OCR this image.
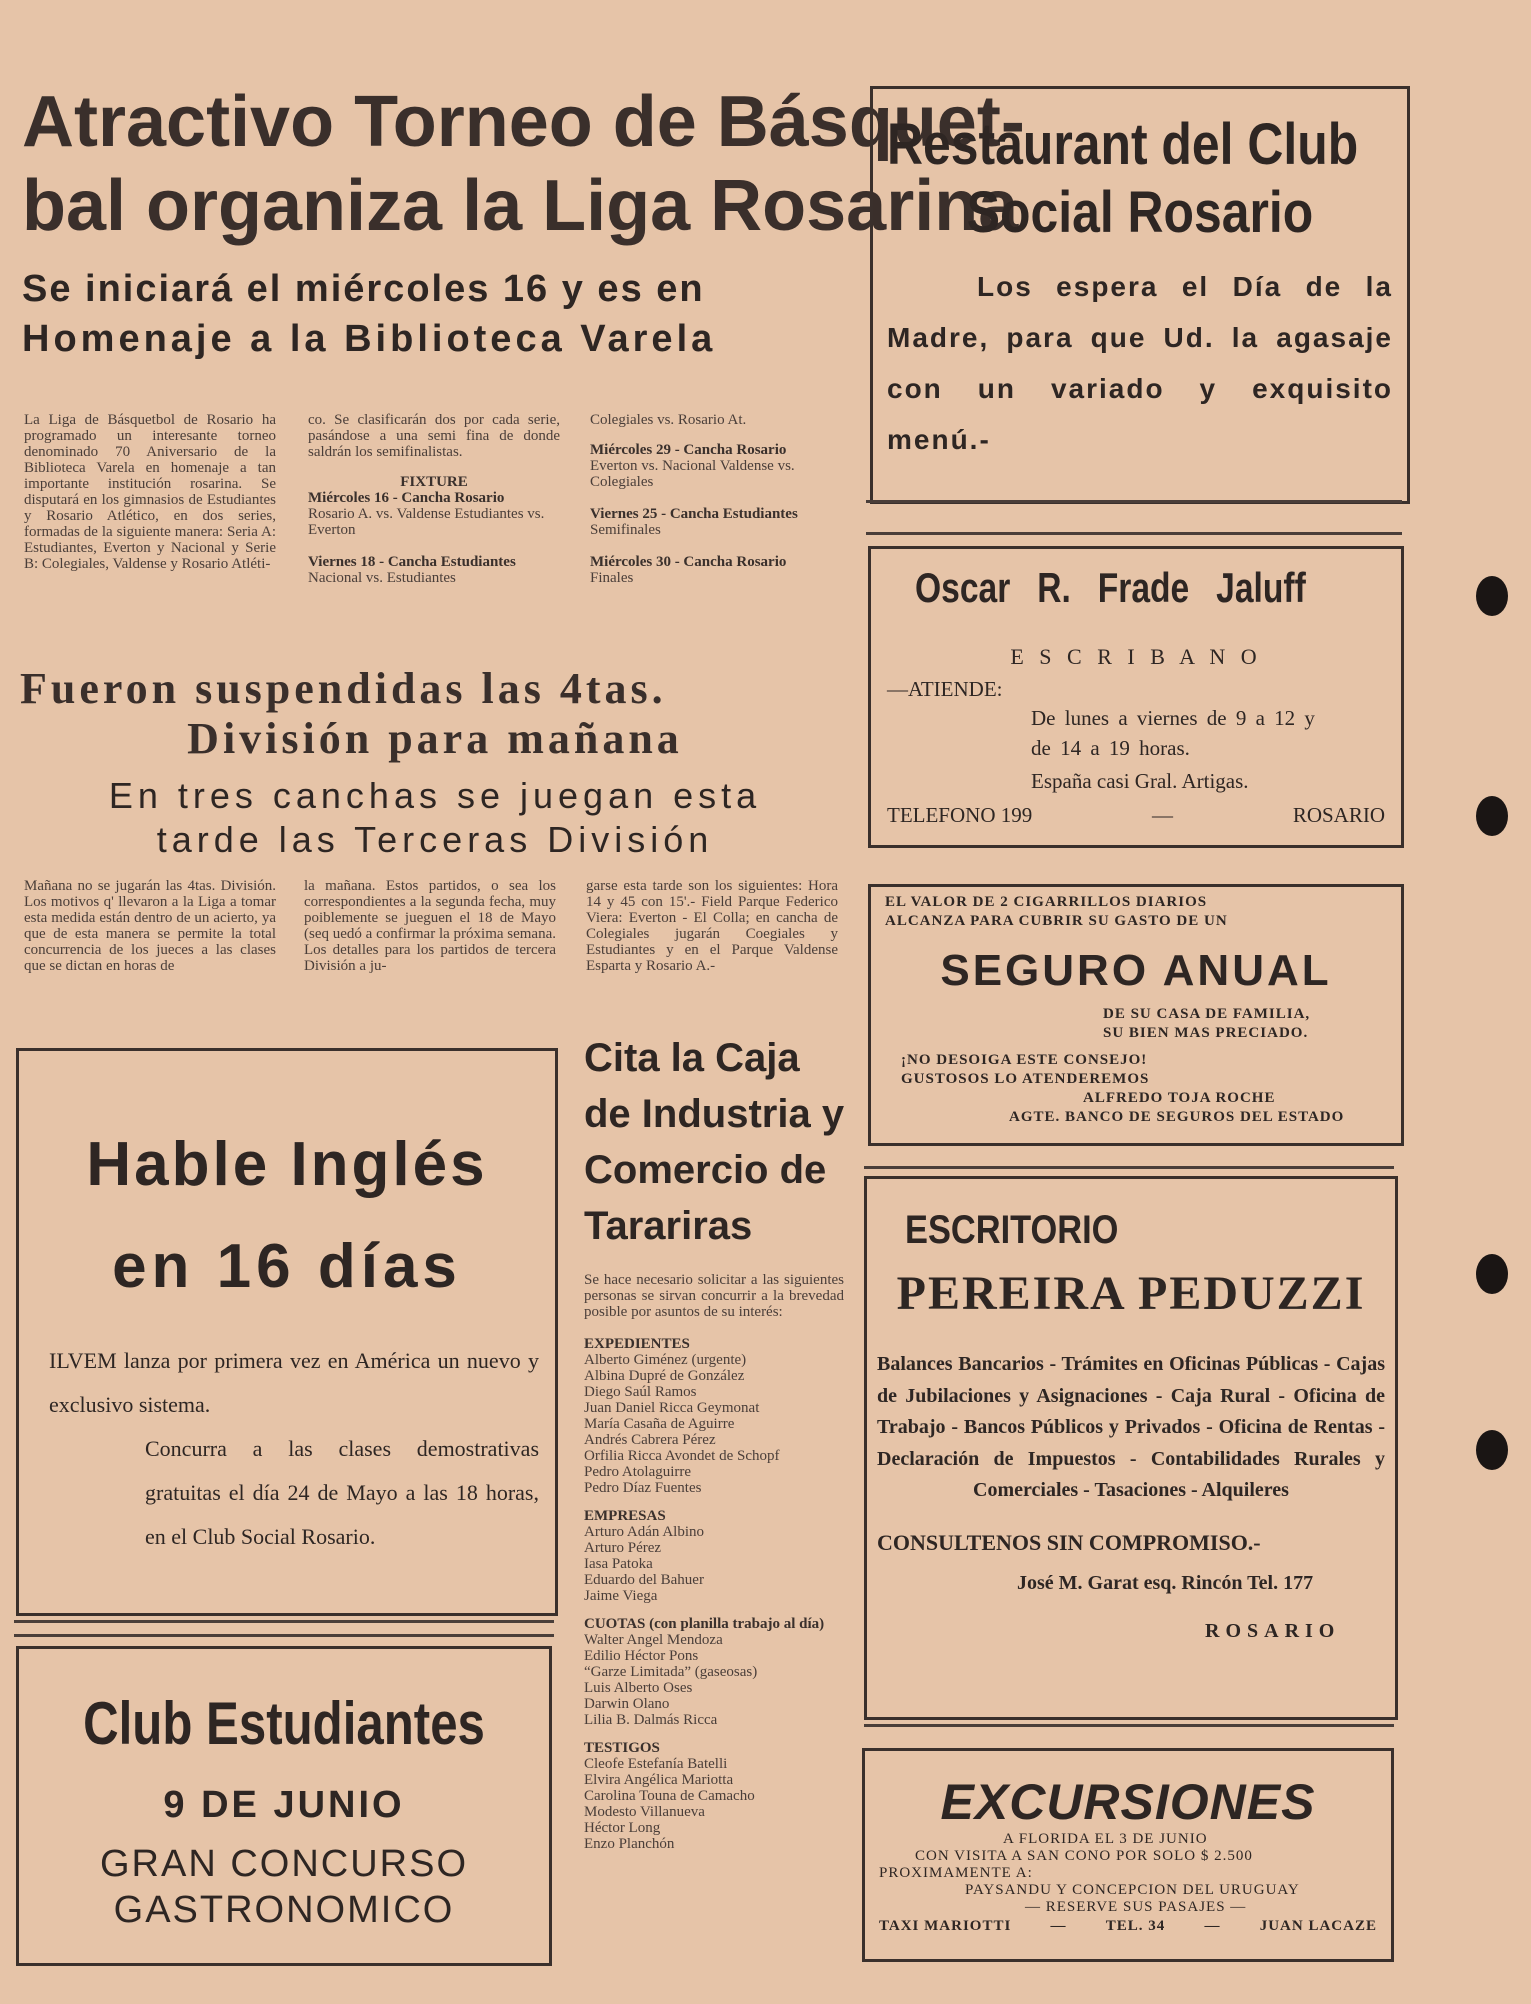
Atractivo Torneo de Básquet-
bal organiza la Liga Rosarina
Se iniciará el miércoles 16 y es en
Homenaje a la Biblioteca Varela
La Liga de Básquetbol de Rosario ha programado un interesante torneo denominado 70 Aniversario de la Biblioteca Varela en homenaje a tan importante institución rosarina. Se disputará en los gimnasios de Estudiantes y Rosario Atlético, en dos series, formadas de la siguiente manera: Seria A: Estudiantes, Everton y Nacional y Serie B: Colegiales, Valdense y Rosario Atléti-
co. Se clasificarán dos por cada serie, pasándose a una semi fina de donde saldrán los semifinalistas.
FIXTURE
Miércoles 16 - Cancha Rosario
Rosario A. vs. Valdense Estudiantes vs. Everton
Viernes 18 - Cancha Estudiantes
Nacional vs. Estudiantes
Colegiales vs. Rosario At.
Miércoles 29 - Cancha Rosario
Everton vs. Nacional Valdense vs. Colegiales
Viernes 25 - Cancha Estudiantes
Semifinales
Miércoles 30 - Cancha Rosario
Finales
Fueron suspendidas las 4tas.
División para mañana
En tres canchas se juegan esta
tarde las Terceras División
Mañana no se jugarán las 4tas. División. Los motivos q' llevaron a la Liga a tomar esta medida están dentro de un acierto, ya que de esta manera se permite la total concurrencia de los jueces a las clases que se dictan en horas de
la mañana. Estos partidos, o sea los correspondientes a la segunda fecha, muy poiblemente se jueguen el 18 de Mayo (seq uedó a confirmar la próxima semana. Los detalles para los partidos de tercera División a ju-
garse esta tarde son los siguientes: Hora 14 y 45 con 15'.- Field Parque Federico Viera: Everton - El Colla; en cancha de Colegiales jugarán Coegiales y Estudiantes y en el Parque Valdense Esparta y Rosario A.-
Hable Inglés
en 16 días
ILVEM lanza por primera vez en América un nuevo y exclusivo sistema.
Concurra a las clases demostrativas gratuitas el día 24 de Mayo a las 18 horas, en el Club Social Rosario.
Club Estudiantes
9 DE JUNIO
GRAN CONCURSO
GASTRONOMICO
Cita la Caja
de Industria y
Comercio de
Tarariras
Se hace necesario solicitar a las siguientes personas se sirvan concurrir a la brevedad posible por asuntos de su interés:
EXPEDIENTES
Alberto Giménez (urgente)
Albina Dupré de González
Diego Saúl Ramos
Juan Daniel Ricca Geymonat
María Casaña de Aguirre
Andrés Cabrera Pérez
Orfilia Ricca Avondet de Schopf
Pedro Atolaguirre
Pedro Díaz Fuentes
EMPRESAS
Arturo Adán Albino
Arturo Pérez
Iasa Patoka
Eduardo del Bahuer
Jaime Viega
CUOTAS (con planilla trabajo al día)
Walter Angel Mendoza
Edilio Héctor Pons
“Garze Limitada” (gaseosas)
Luis Alberto Oses
Darwin Olano
Lilia B. Dalmás Ricca
TESTIGOS
Cleofe Estefanía Batelli
Elvira Angélica Mariotta
Carolina Touna de Camacho
Modesto Villanueva
Héctor Long
Enzo Planchón
Restaurant del Club
Social Rosario
Los espera el Día de la Madre, para que Ud. la agasaje con un variado y exquisito menú.-
Oscar R. Frade Jaluff
E S C R I B A N O
—ATIENDE:
De lunes a viernes de 9 a 12 y
de 14 a 19 horas.
España casi Gral. Artigas.
TELEFONO 199	—	ROSARIO
EL VALOR DE 2 CIGARRILLOS DIARIOS
ALCANZA PARA CUBRIR SU GASTO DE UN
SEGURO ANUAL
DE SU CASA DE FAMILIA,
SU BIEN MAS PRECIADO.
¡NO DESOIGA ESTE CONSEJO!
GUSTOSOS LO ATENDEREMOS
ALFREDO TOJA ROCHE
AGTE. BANCO DE SEGUROS DEL ESTADO
ESCRITORIO
PEREIRA PEDUZZI
Balances Bancarios - Trámites en Oficinas Públicas - Cajas de Jubilaciones y Asignaciones - Caja Rural - Oficina de Trabajo - Bancos Públicos y Privados - Oficina de Rentas - Declaración de Impuestos - Contabilidades Rurales y Comerciales - Tasaciones - Alquileres
CONSULTENOS SIN COMPROMISO.-
José M. Garat esq. Rincón Tel. 177
ROSARIO
EXCURSIONES
A FLORIDA EL 3 DE JUNIO
CON VISITA A SAN CONO POR SOLO $ 2.500
PROXIMAMENTE A:
PAYSANDU Y CONCEPCION DEL URUGUAY
— RESERVE SUS PASAJES —
TAXI MARIOTTI	—	TEL. 34	—	JUAN LACAZE
